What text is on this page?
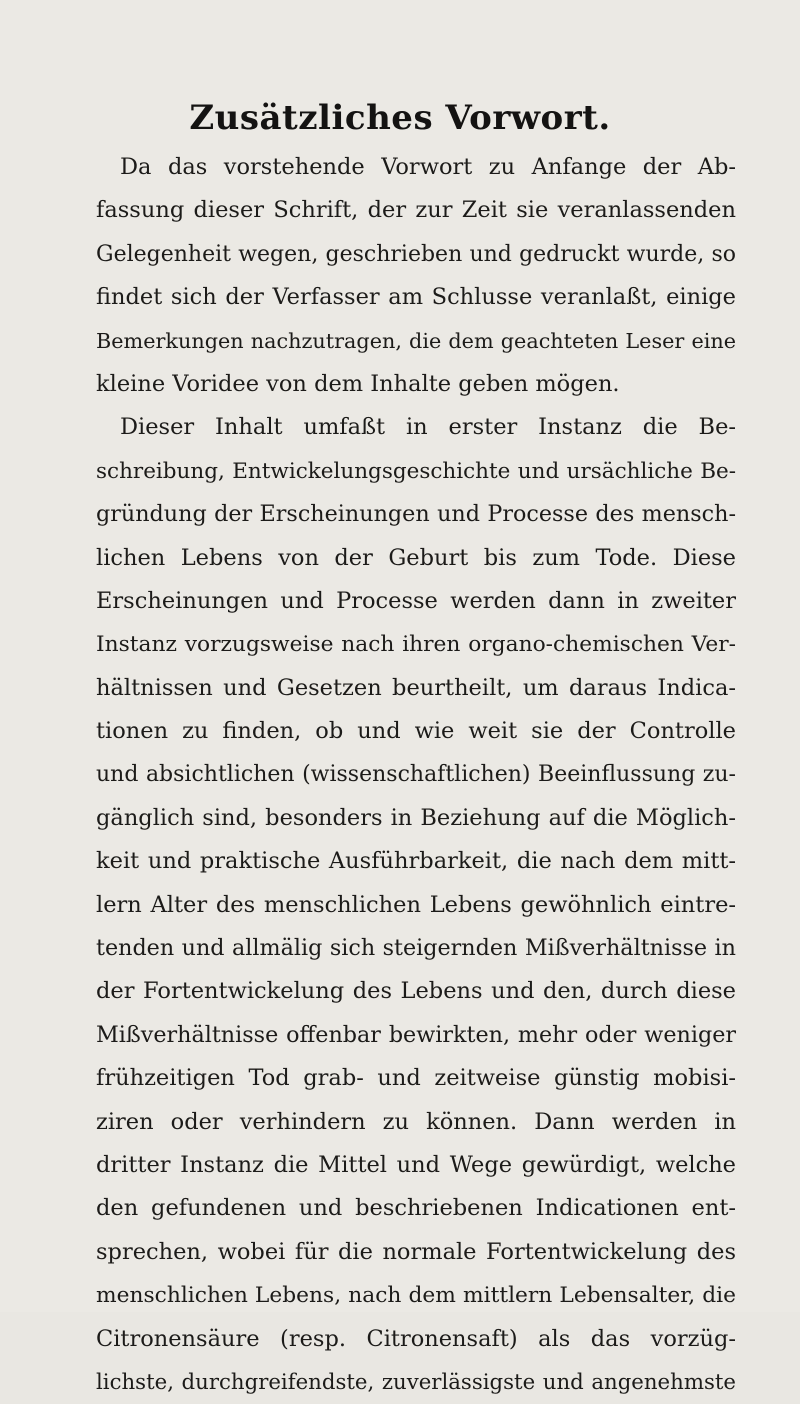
Zusätzliches Vorwort.
Da das vorstehende Vorwort zu Anfange der Ab-
fassung dieser Schrift, der zur Zeit sie veranlassenden
Gelegenheit wegen, geschrieben und gedruckt wurde, so
findet sich der Verfasser am Schlusse veranlaßt, einige
Bemerkungen nachzutragen, die dem geachteten Leser eine
kleine Voridee von dem Inhalte geben mögen.
Dieser Inhalt umfaßt in erster Instanz die Be-
schreibung, Entwickelungsgeschichte und ursächliche Be-
gründung der Erscheinungen und Processe des mensch-
lichen Lebens von der Geburt bis zum Tode. Diese
Erscheinungen und Processe werden dann in zweiter
Instanz vorzugsweise nach ihren organo-chemischen Ver-
hältnissen und Gesetzen beurtheilt, um daraus Indica-
tionen zu finden, ob und wie weit sie der Controlle
und absichtlichen (wissenschaftlichen) Beeinflussung zu-
gänglich sind, besonders in Beziehung auf die Möglich-
keit und praktische Ausführbarkeit, die nach dem mitt-
lern Alter des menschlichen Lebens gewöhnlich eintre-
tenden und allmälig sich steigernden Mißverhältnisse in
der Fortentwickelung des Lebens und den, durch diese
Mißverhältnisse offenbar bewirkten, mehr oder weniger
frühzeitigen Tod grab- und zeitweise günstig mobisi-
ziren oder verhindern zu können. Dann werden in
dritter Instanz die Mittel und Wege gewürdigt, welche
den gefundenen und beschriebenen Indicationen ent-
sprechen, wobei für die normale Fortentwickelung des
menschlichen Lebens, nach dem mittlern Lebensalter, die
Citronensäure (resp. Citronensaft) als das vorzüg-
lichste, durchgreifendste, zuverlässigste und angenehmste
